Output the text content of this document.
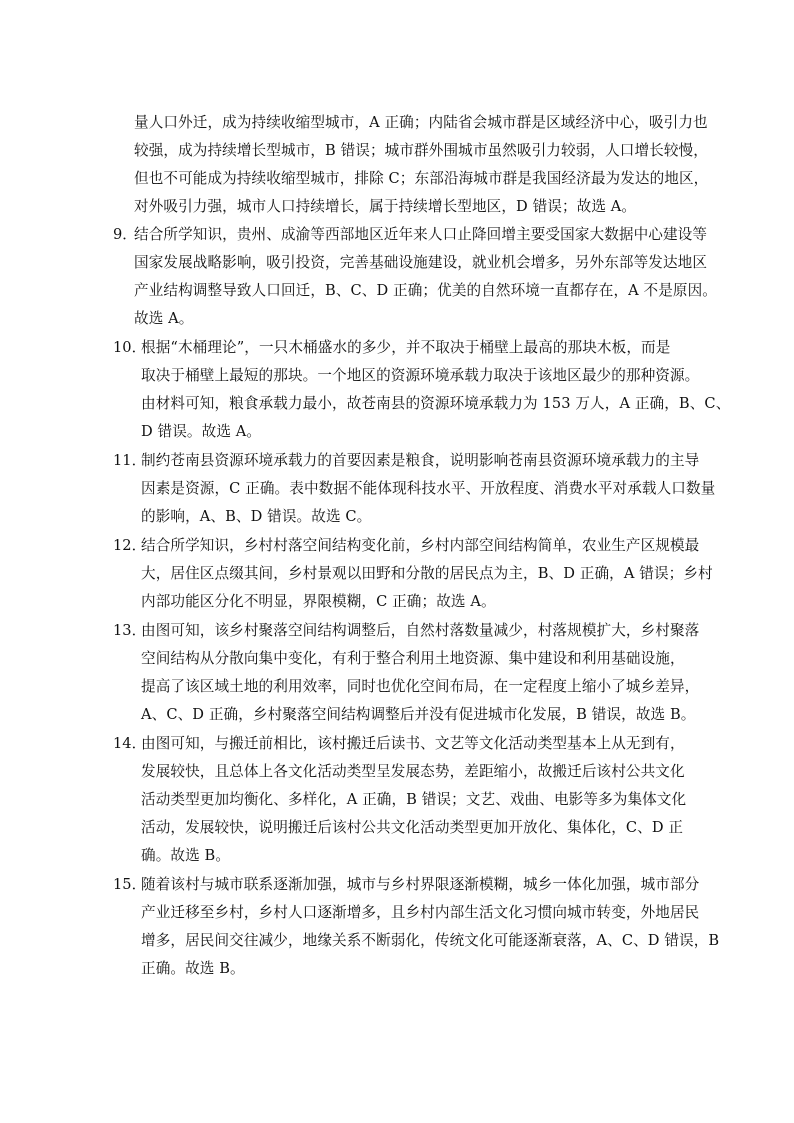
量人口外迁，成为持续收缩型城市，A 正确；内陆省会城市群是区域经济中心，吸引力也
较强，成为持续增长型城市，B 错误；城市群外围城市虽然吸引力较弱，人口增长较慢，
但也不可能成为持续收缩型城市，排除 C；东部沿海城市群是我国经济最为发达的地区，
对外吸引力强，城市人口持续增长，属于持续增长型地区，D 错误；故选 A。
9．
结合所学知识，贵州、成渝等西部地区近年来人口止降回增主要受国家大数据中心建设等
国家发展战略影响，吸引投资，完善基础设施建设，就业机会增多，另外东部等发达地区
产业结构调整导致人口回迁，B、C、D 正确；优美的自然环境一直都存在，A 不是原因。
故选 A。
10．
根据“木桶理论”，一只木桶盛水的多少，并不取决于桶壁上最高的那块木板，而是
取决于桶壁上最短的那块。一个地区的资源环境承载力取决于该地区最少的那种资源。
由材料可知，粮食承载力最小，故苍南县的资源环境承载力为 153 万人，A 正确，B、C、
D 错误。故选 A。
11．
制约苍南县资源环境承载力的首要因素是粮食，说明影响苍南县资源环境承载力的主导
因素是资源，C 正确。表中数据不能体现科技水平、开放程度、消费水平对承载人口数量
的影响，A、B、D 错误。故选 C。
12．
结合所学知识，乡村村落空间结构变化前，乡村内部空间结构简单，农业生产区规模最
大，居住区点缀其间，乡村景观以田野和分散的居民点为主，B、D 正确，A 错误；乡村
内部功能区分化不明显，界限模糊，C 正确；故选 A。
13．
由图可知，该乡村聚落空间结构调整后，自然村落数量减少，村落规模扩大，乡村聚落
空间结构从分散向集中变化，有利于整合利用土地资源、集中建设和利用基础设施，
提高了该区域土地的利用效率，同时也优化空间布局，在一定程度上缩小了城乡差异，
A、C、D 正确，乡村聚落空间结构调整后并没有促进城市化发展，B 错误，故选 B。
14．
由图可知，与搬迁前相比，该村搬迁后读书、文艺等文化活动类型基本上从无到有，
发展较快，且总体上各文化活动类型呈发展态势，差距缩小，故搬迁后该村公共文化
活动类型更加均衡化、多样化，A 正确，B 错误；文艺、戏曲、电影等多为集体文化
活动，发展较快，说明搬迁后该村公共文化活动类型更加开放化、集体化，C、D 正
确。故选 B。
15．
随着该村与城市联系逐渐加强，城市与乡村界限逐渐模糊，城乡一体化加强，城市部分
产业迁移至乡村，乡村人口逐渐增多，且乡村内部生活文化习惯向城市转变，外地居民
增多，居民间交往减少，地缘关系不断弱化，传统文化可能逐渐衰落，A、C、D 错误，B
正确。故选 B。
